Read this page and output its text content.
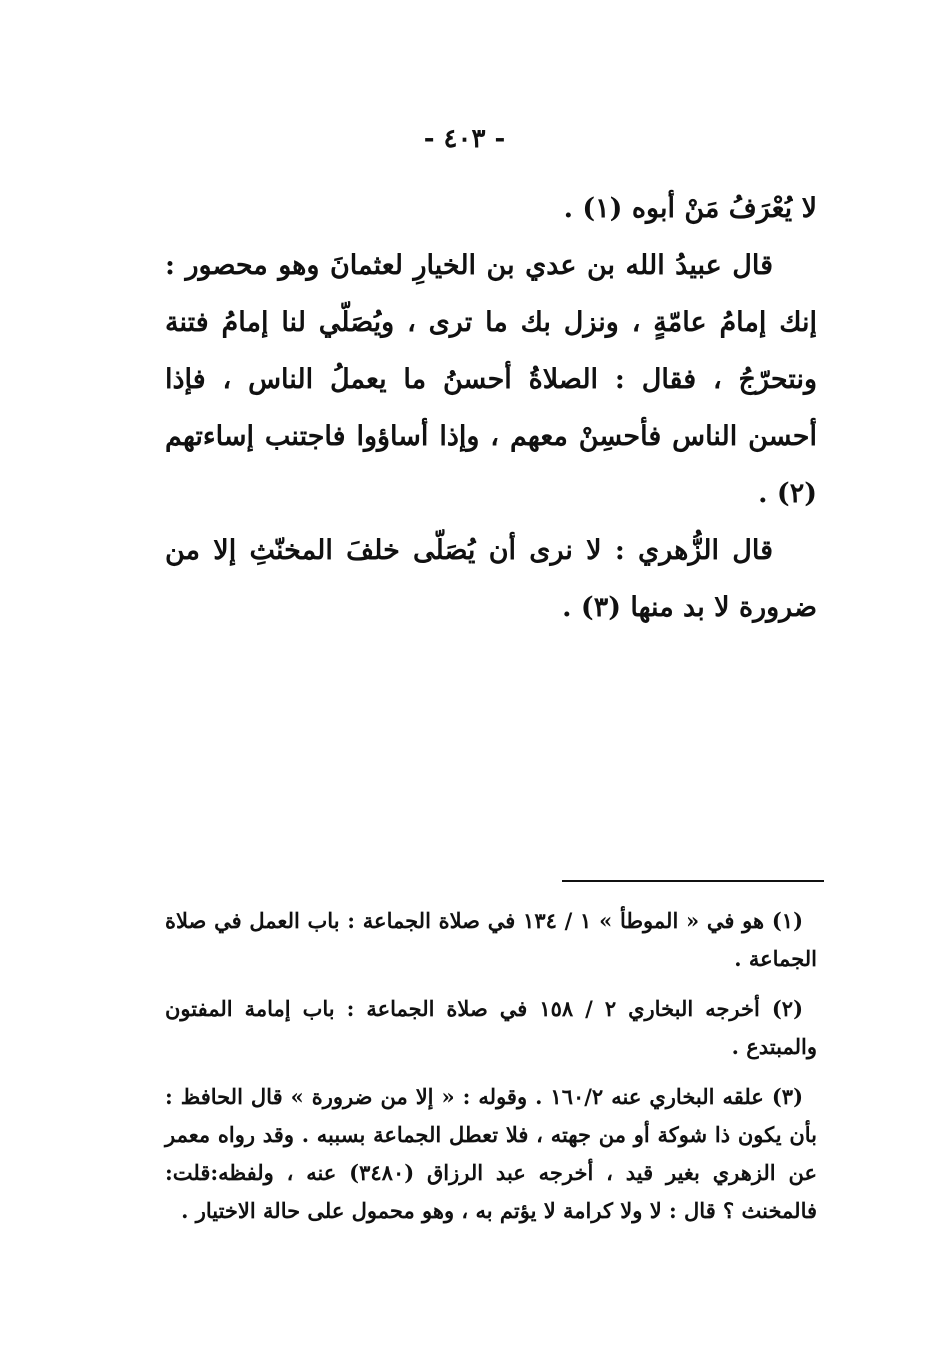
- ٤٠٣ -

لا يُعْرَفُ مَنْ أبوه (١) .

قال عبيدُ الله بن عدي بن الخيارِ لعثمانَ وهو محصور : إنك إمامُ عامّةٍ ، ونزل بك ما ترى ، ويُصَلّي لنا إمامُ فتنة ونتحرّجُ ، فقال : الصلاةُ أحسنُ ما يعملُ الناس ، فإذا أحسن الناس فأحسِنْ معهم ، وإذا أساؤوا فاجتنب إساءتهم (٢) .

قال الزُّهري : لا نرى أن يُصَلّى خلفَ المخنّثِ إلا من ضرورة لا بد منها (٣) .

(١) هو في « الموطأ » ١ / ١٣٤ في صلاة الجماعة : باب العمل في صلاة الجماعة .

(٢) أخرجه البخاري ٢ / ١٥٨ في صلاة الجماعة : باب إمامة المفتون والمبتدع .

(٣) علقه البخاري عنه ١٦٠/٢ . وقوله : « إلا من ضرورة » قال الحافظ : بأن يكون ذا شوكة أو من جهته ، فلا تعطل الجماعة بسببه . وقد رواه معمر عن الزهري بغير قيد ، أخرجه عبد الرزاق (٣٤٨٠) عنه ، ولفظه:قلت: فالمخنث ؟ قال : لا ولا كرامة لا يؤتم به ، وهو محمول على حالة الاختيار .
